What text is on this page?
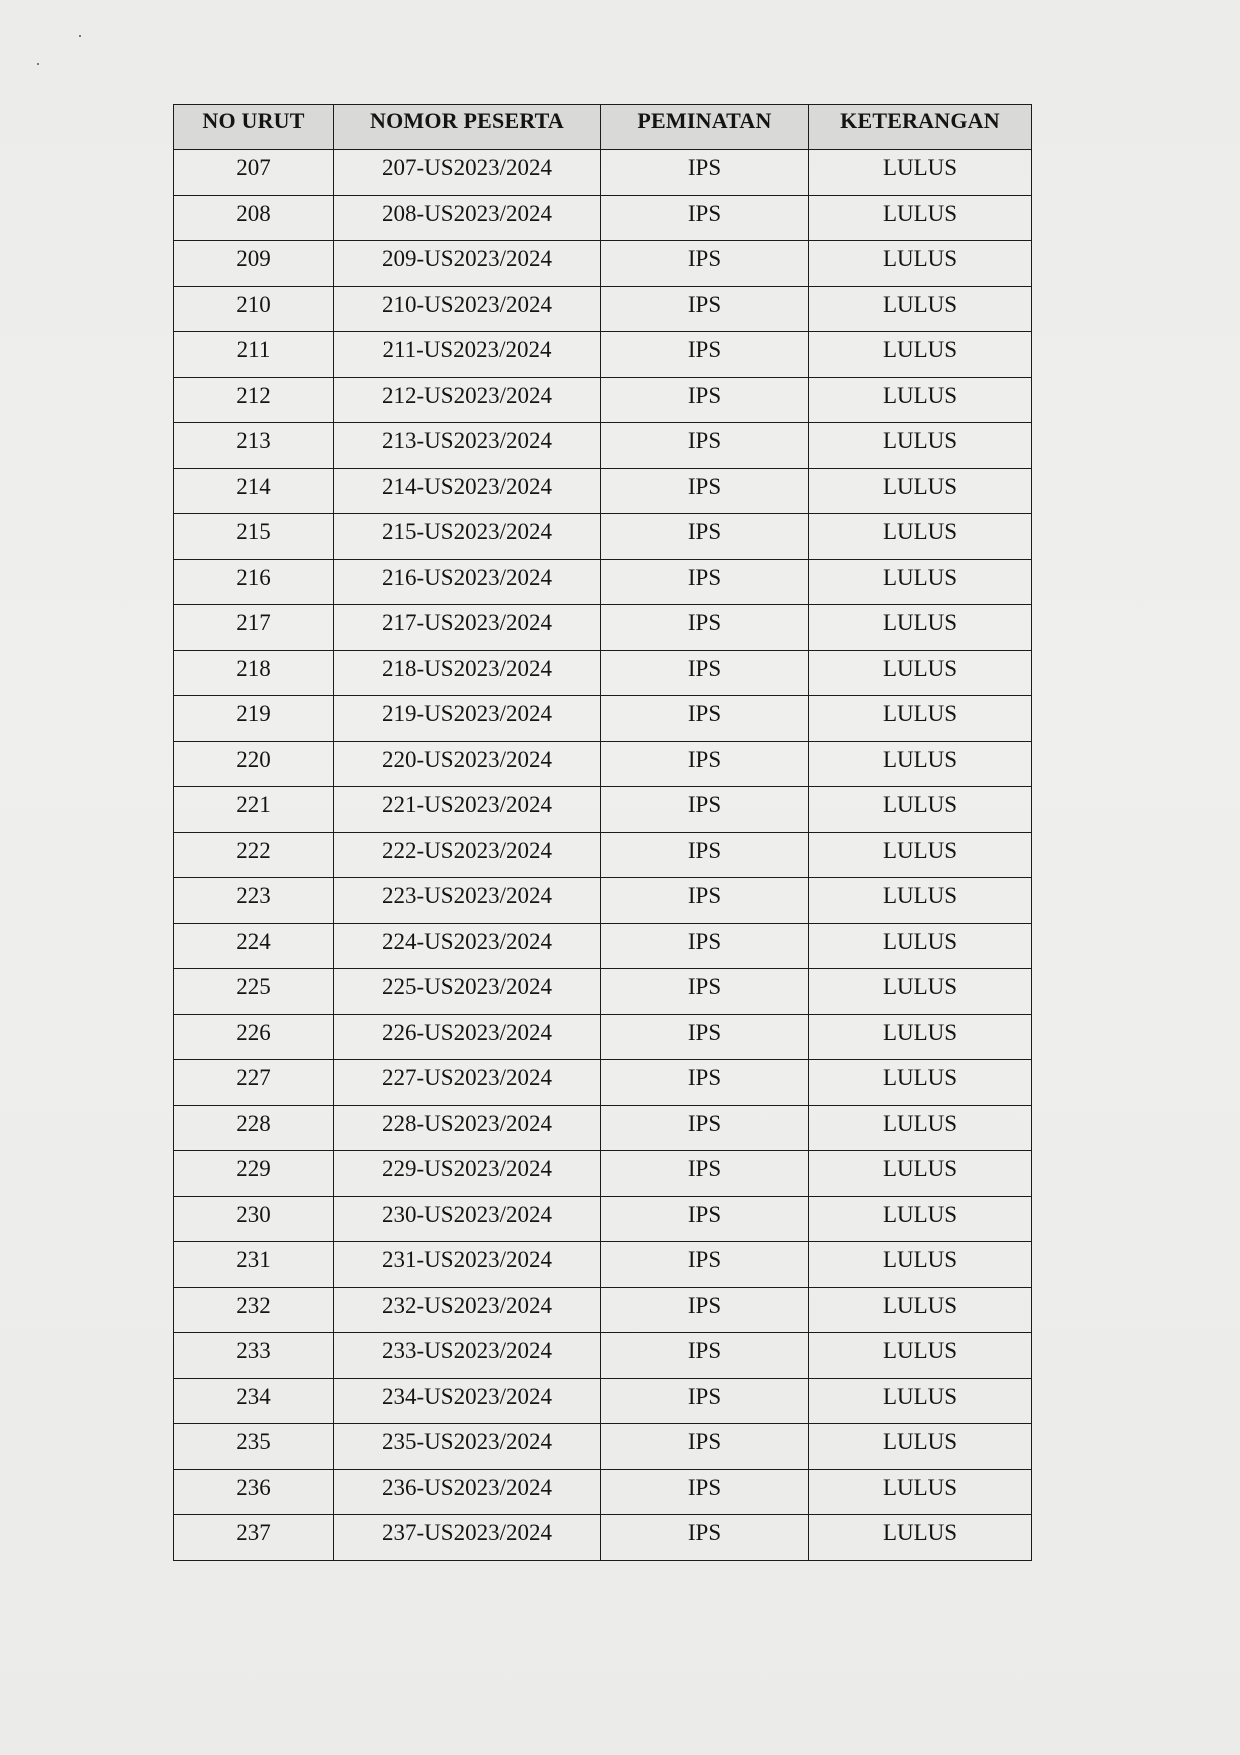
NO URUT	NOMOR PESERTA	PEMINATAN	KETERANGAN
207	207-US2023/2024	IPS	LULUS
208	208-US2023/2024	IPS	LULUS
209	209-US2023/2024	IPS	LULUS
210	210-US2023/2024	IPS	LULUS
211	211-US2023/2024	IPS	LULUS
212	212-US2023/2024	IPS	LULUS
213	213-US2023/2024	IPS	LULUS
214	214-US2023/2024	IPS	LULUS
215	215-US2023/2024	IPS	LULUS
216	216-US2023/2024	IPS	LULUS
217	217-US2023/2024	IPS	LULUS
218	218-US2023/2024	IPS	LULUS
219	219-US2023/2024	IPS	LULUS
220	220-US2023/2024	IPS	LULUS
221	221-US2023/2024	IPS	LULUS
222	222-US2023/2024	IPS	LULUS
223	223-US2023/2024	IPS	LULUS
224	224-US2023/2024	IPS	LULUS
225	225-US2023/2024	IPS	LULUS
226	226-US2023/2024	IPS	LULUS
227	227-US2023/2024	IPS	LULUS
228	228-US2023/2024	IPS	LULUS
229	229-US2023/2024	IPS	LULUS
230	230-US2023/2024	IPS	LULUS
231	231-US2023/2024	IPS	LULUS
232	232-US2023/2024	IPS	LULUS
233	233-US2023/2024	IPS	LULUS
234	234-US2023/2024	IPS	LULUS
235	235-US2023/2024	IPS	LULUS
236	236-US2023/2024	IPS	LULUS
237	237-US2023/2024	IPS	LULUS
